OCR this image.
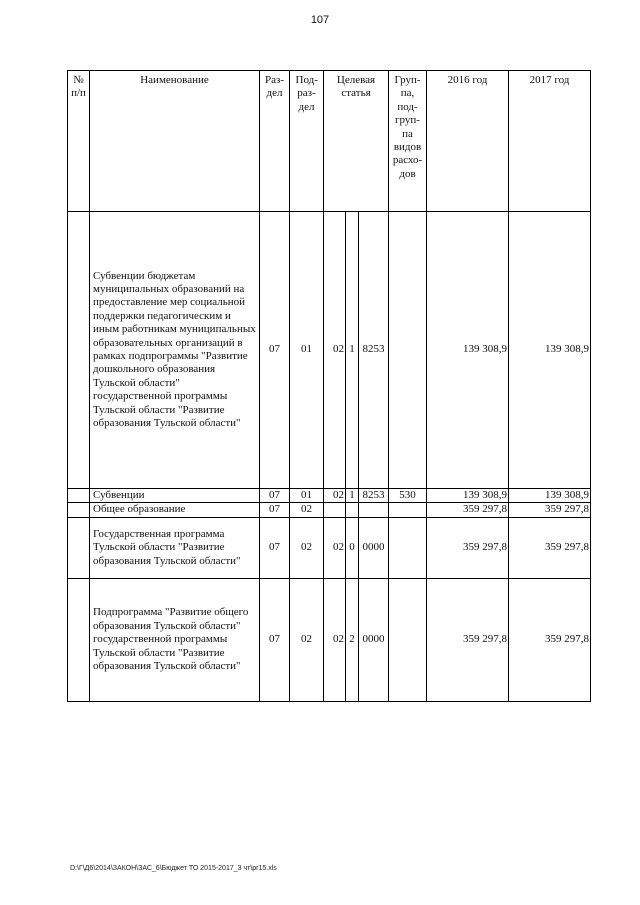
107
№ п/п	Наименование	Раз-дел	Под-раз-дел	Целевая статья			Груп-па, под-груп-па видов расхо-дов	2016 год	2017 год
	Субвенции бюджетам муниципальных образований на предоставление мер социальной поддержки педагогическим и иным работникам муниципальных образовательных организаций в рамках подпрограммы "Развитие дошкольного образования Тульской области" государственной программы Тульской области "Развитие образования Тульской области"	07	01	02	1	8253		139 308,9	139 308,9
	Субвенции	07	01	02	1	8253	530	139 308,9	139 308,9
	Общее образование	07	02					359 297,8	359 297,8
	Государственная программа Тульской области "Развитие образования Тульской области"	07	02	02	0	0000		359 297,8	359 297,8
	Подпрограмма "Развитие общего образования Тульской области" государственной программы Тульской области "Развитие образования Тульской области"	07	02	02	2	0000		359 297,8	359 297,8
D:\Г\Д6\2014\ЗАКОН\ЗАС_6\Бюджет ТО 2015-2017_3 чт\pr15.xls
